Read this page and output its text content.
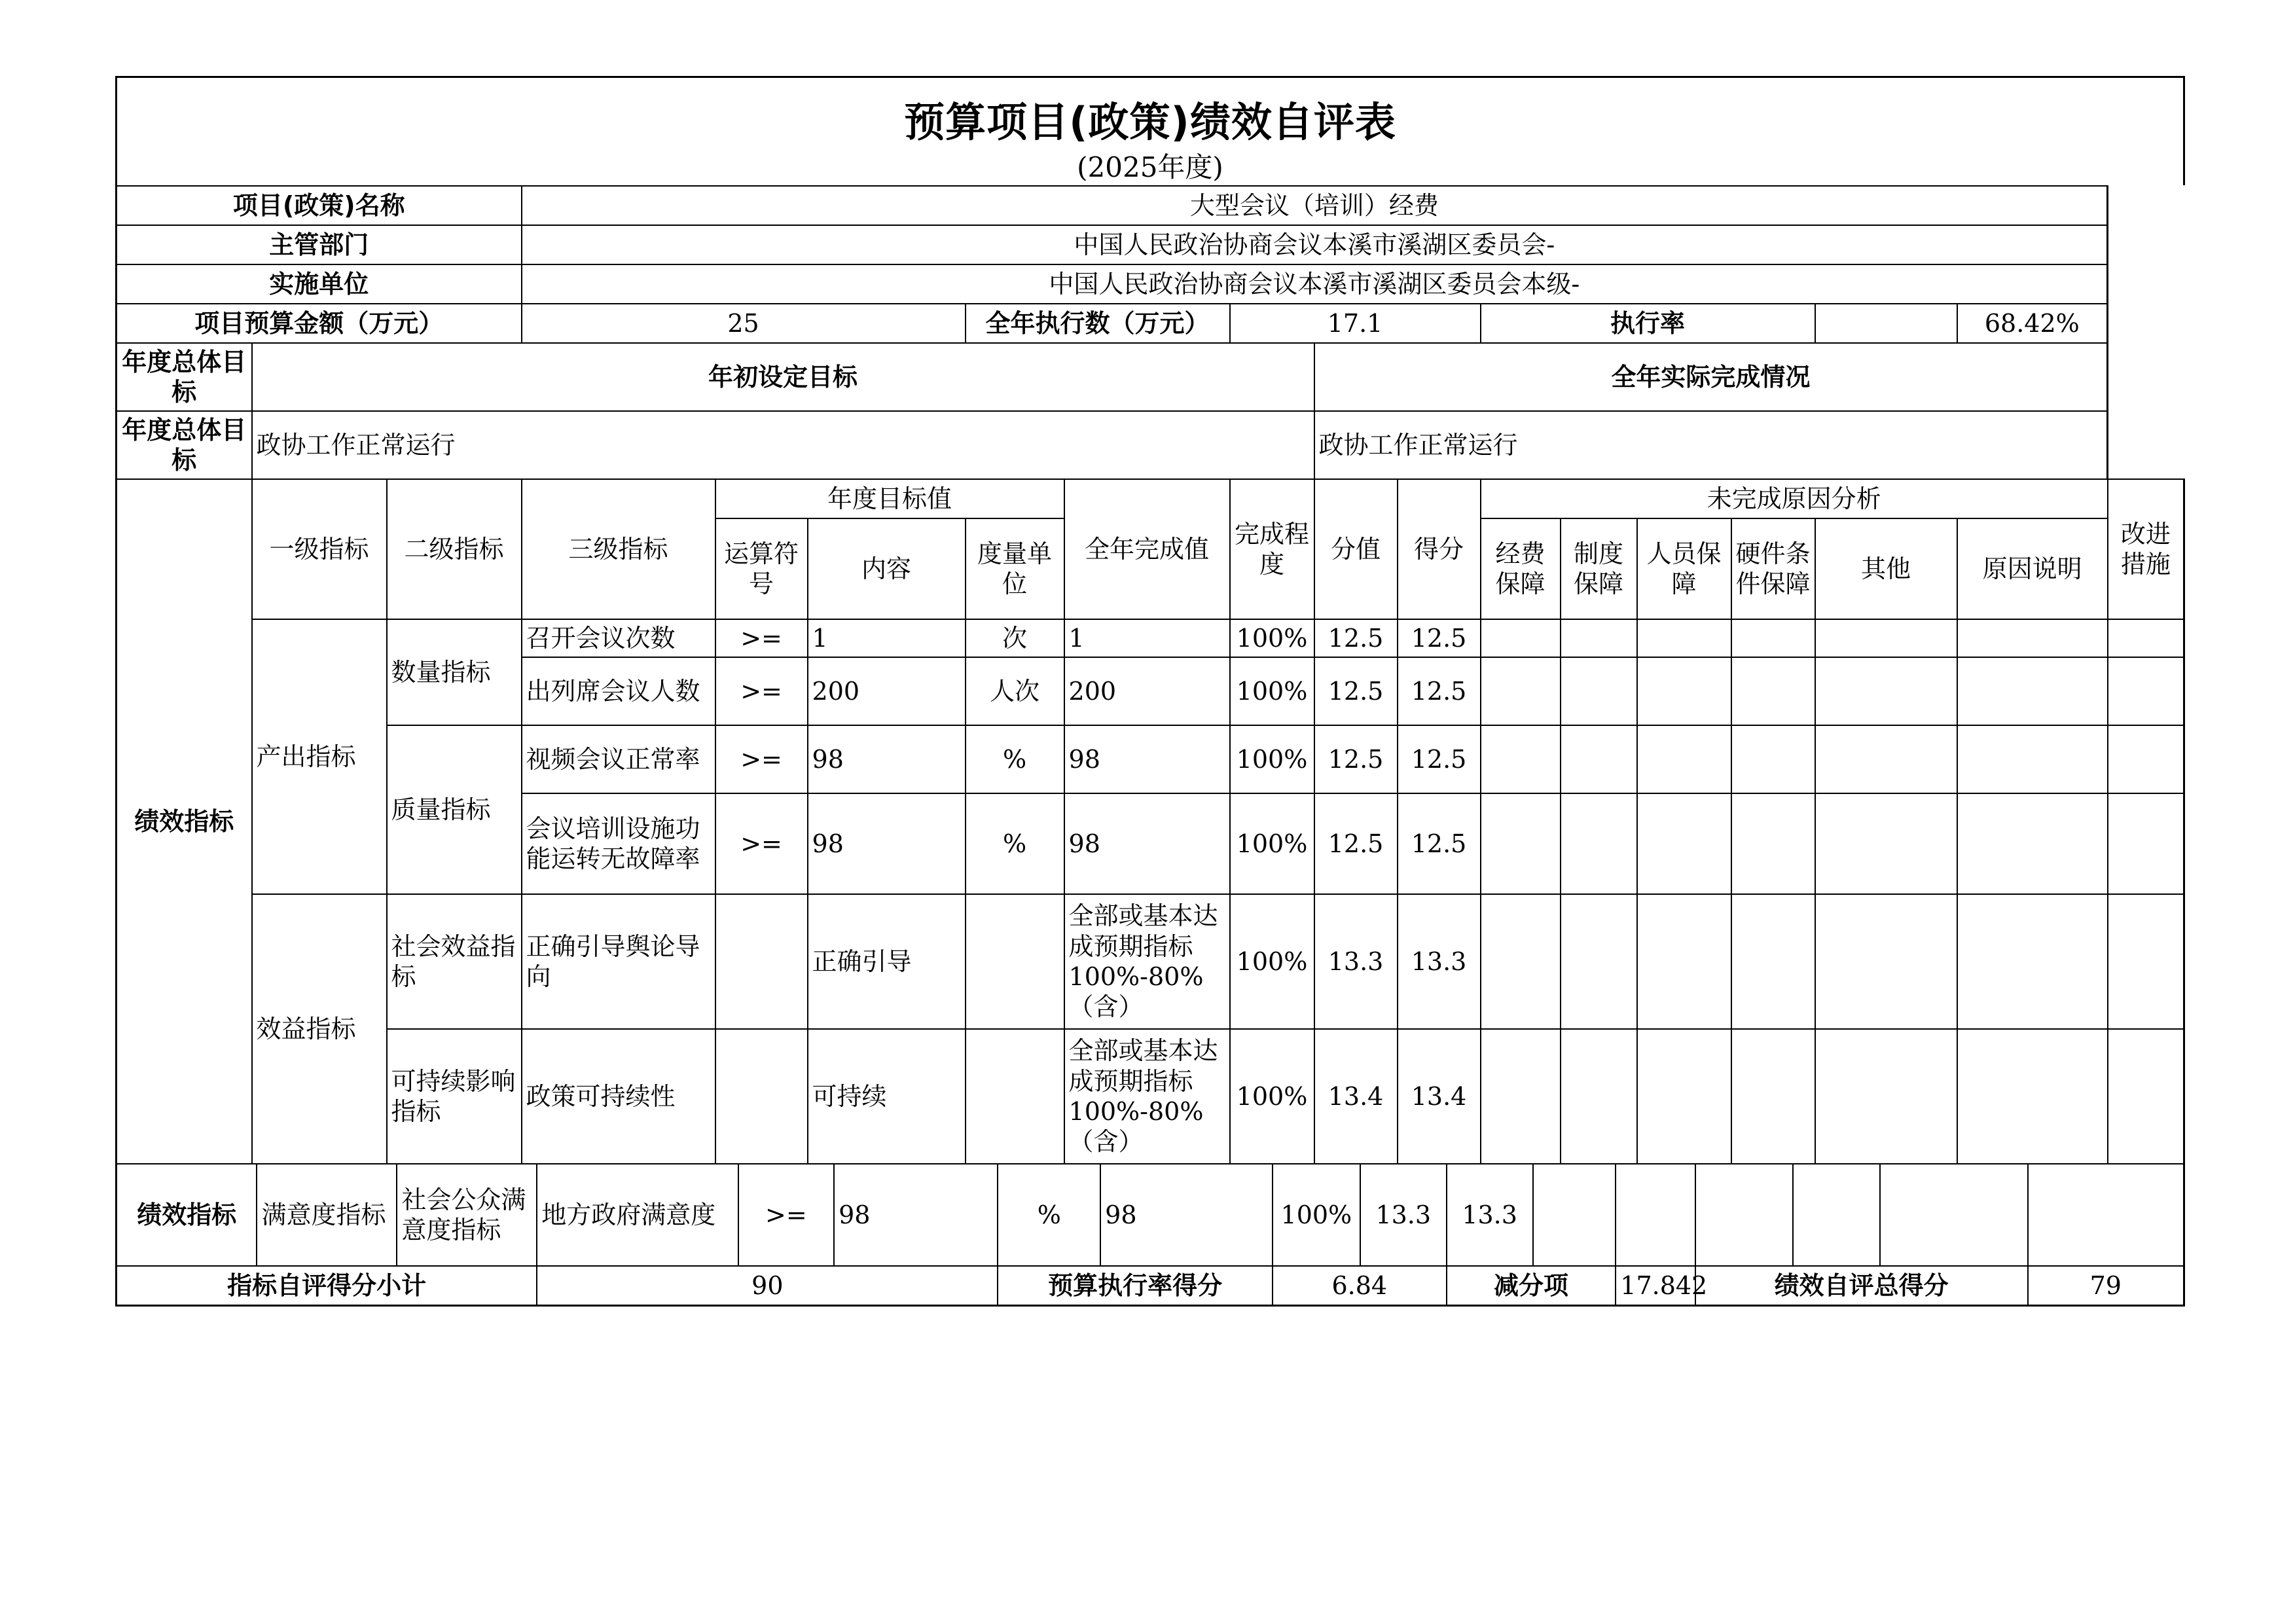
预算项目(政策)绩效自评表
(2025年度)
项目(政策)名称			大型会议（培训）经费														
主管部门			中国人民政治协商会议本溪市溪湖区委员会-														
实施单位			中国人民政治协商会议本溪市溪湖区委员会本级-														
项目预算金额（万元）			25			全年执行数（万元）		17.1			执行率					68.42%	
年度总体目标	年初设定目标								全年实际完成情况								
年度总体目标	政协工作正常运行								政协工作正常运行								
绩效指标	一级指标	二级指标	三级指标	年度目标值			全年完成值	完成程度	分值	得分	未完成原因分析						改进措施
				运算符号	内容	度量单位					经费保障	制度保障	人员保障	硬件条件保障	其他	原因说明	
	产出指标	数量指标	召开会议次数	>=	1	次	1	100%	12.5	12.5							
			出列席会议人数	>=	200	人次	200	100%	12.5	12.5							
		质量指标	视频会议正常率	>=	98	%	98	100%	12.5	12.5							
			会议培训设施功能运转无故障率	>=	98	%	98	100%	12.5	12.5							
	效益指标	社会效益指标	正确引导舆论导向		正确引导		全部或基本达成预期指标100%-80%（含）	100%	13.3	13.3							
		可持续影响指标	政策可持续性		可持续		全部或基本达成预期指标100%-80%（含）	100%	13.4	13.4							
绩效指标	满意度指标	社会公众满意度指标	地方政府满意度	>=	98	%	98	100%	13.3	13.3						
指标自评得分小计			90			预算执行率得分		6.84		减分项		17.842	绩效自评总得分			79
